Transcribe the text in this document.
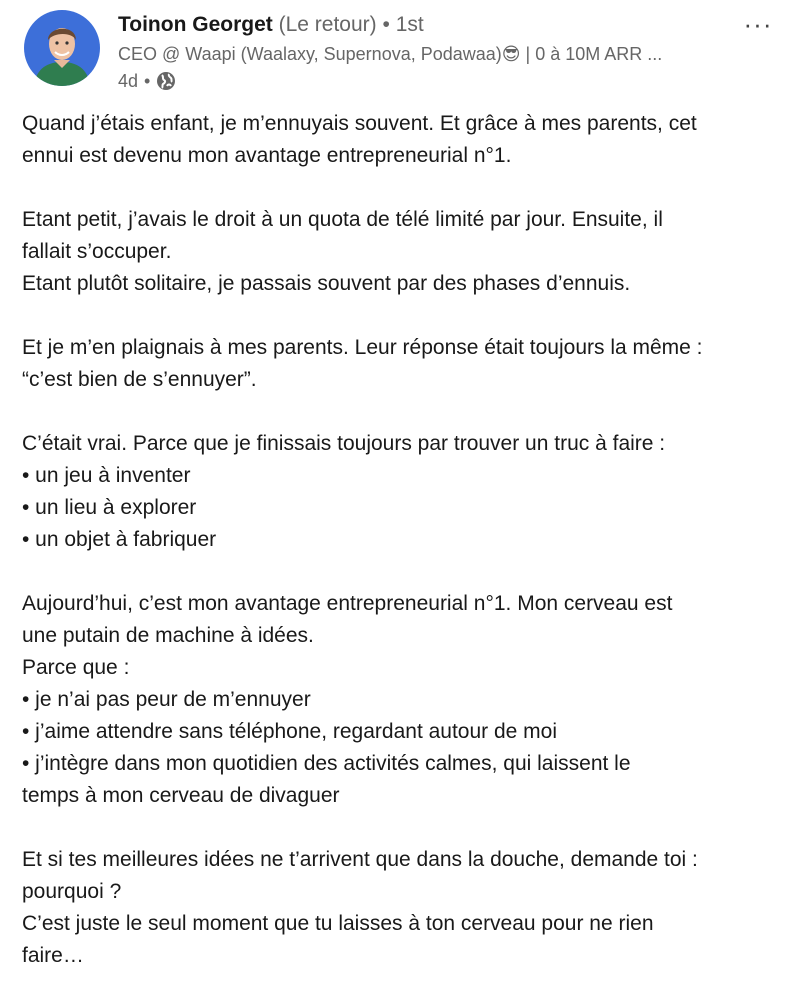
Toinon Georget (Le retour) • 1st
CEO @ Waapi (Waalaxy, Supernova, Podawaa)😎 | 0 à 10M ARR ...
4d •
···

Quand j’étais enfant, je m’ennuyais souvent. Et grâce à mes parents, cet
ennui est devenu mon avantage entrepreneurial n°1.

Etant petit, j’avais le droit à un quota de télé limité par jour. Ensuite, il
fallait s’occuper.
Etant plutôt solitaire, je passais souvent par des phases d’ennuis.

Et je m’en plaignais à mes parents. Leur réponse était toujours la même :
“c’est bien de s’ennuyer”.

C’était vrai. Parce que je finissais toujours par trouver un truc à faire :
• un jeu à inventer
• un lieu à explorer
• un objet à fabriquer

Aujourd’hui, c’est mon avantage entrepreneurial n°1. Mon cerveau est
une putain de machine à idées.
Parce que :
• je n’ai pas peur de m’ennuyer
• j’aime attendre sans téléphone, regardant autour de moi
• j’intègre dans mon quotidien des activités calmes, qui laissent le
temps à mon cerveau de divaguer

Et si tes meilleures idées ne t’arrivent que dans la douche, demande toi :
pourquoi ?
C’est juste le seul moment que tu laisses à ton cerveau pour ne rien
faire…
